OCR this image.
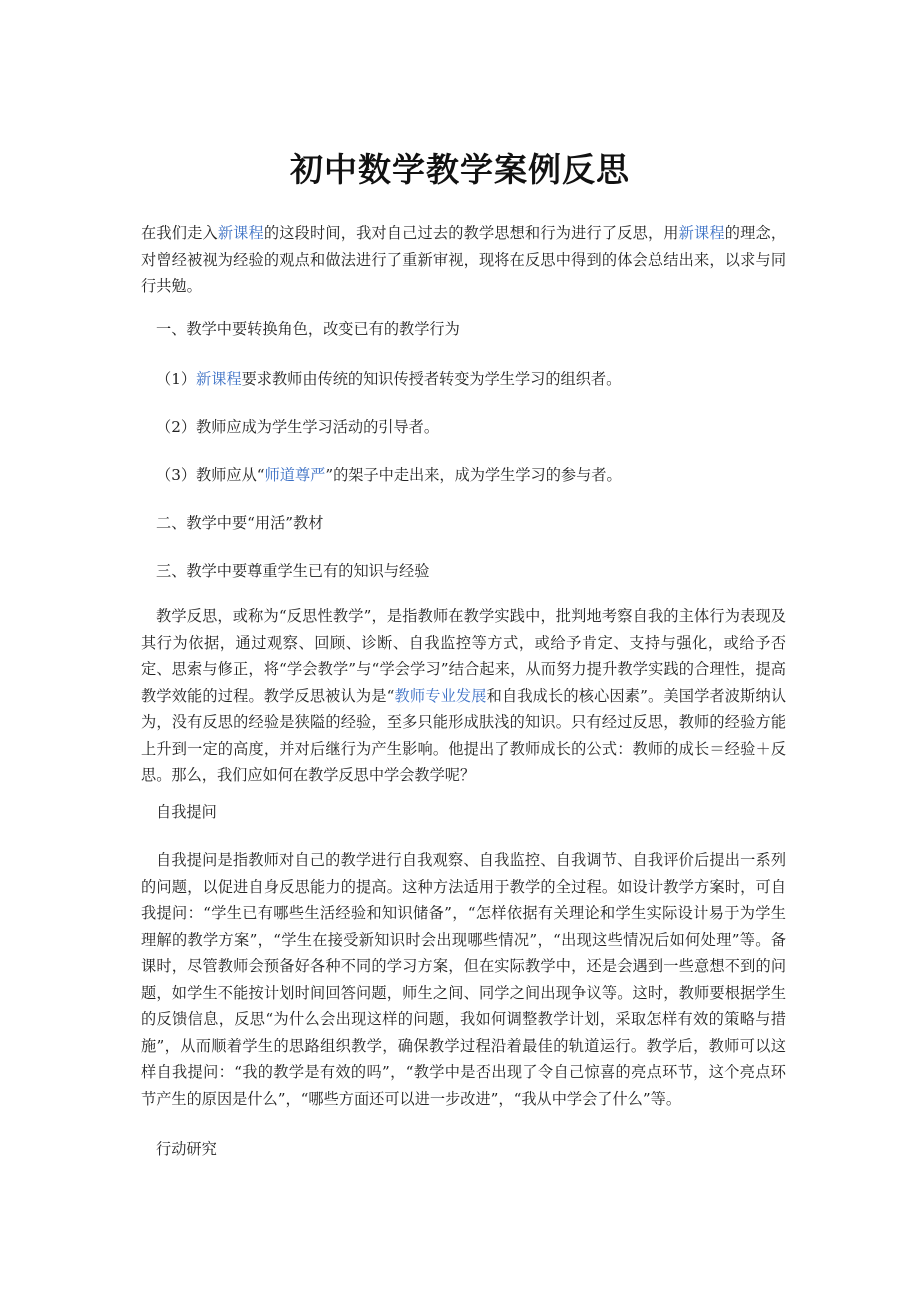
初中数学教学案例反思

在我们走入新课程的这段时间，我对自己过去的教学思想和行为进行了反思，用新课程的理念，对曾经被视为经验的观点和做法进行了重新审视，现将在反思中得到的体会总结出来，以求与同行共勉。

一、教学中要转换角色，改变已有的教学行为

（1）新课程要求教师由传统的知识传授者转变为学生学习的组织者。

（2）教师应成为学生学习活动的引导者。

（3）教师应从“师道尊严”的架子中走出来，成为学生学习的参与者。

二、教学中要“用活”教材

三、教学中要尊重学生已有的知识与经验

教学反思，或称为“反思性教学”，是指教师在教学实践中，批判地考察自我的主体行为表现及其行为依据，通过观察、回顾、诊断、自我监控等方式，或给予肯定、支持与强化，或给予否定、思索与修正，将“学会教学”与“学会学习”结合起来，从而努力提升教学实践的合理性，提高教学效能的过程。教学反思被认为是“教师专业发展和自我成长的核心因素”。美国学者波斯纳认为，没有反思的经验是狭隘的经验，至多只能形成肤浅的知识。只有经过反思，教师的经验方能上升到一定的高度，并对后继行为产生影响。他提出了教师成长的公式：教师的成长＝经验＋反思。那么，我们应如何在教学反思中学会教学呢？

自我提问

自我提问是指教师对自己的教学进行自我观察、自我监控、自我调节、自我评价后提出一系列的问题，以促进自身反思能力的提高。这种方法适用于教学的全过程。如设计教学方案时，可自我提问：“学生已有哪些生活经验和知识储备”，“怎样依据有关理论和学生实际设计易于为学生理解的教学方案”，“学生在接受新知识时会出现哪些情况”，“出现这些情况后如何处理”等。备课时，尽管教师会预备好各种不同的学习方案，但在实际教学中，还是会遇到一些意想不到的问题，如学生不能按计划时间回答问题，师生之间、同学之间出现争议等。这时，教师要根据学生的反馈信息，反思“为什么会出现这样的问题，我如何调整教学计划，采取怎样有效的策略与措施”，从而顺着学生的思路组织教学，确保教学过程沿着最佳的轨道运行。教学后，教师可以这样自我提问：“我的教学是有效的吗”，“教学中是否出现了令自己惊喜的亮点环节，这个亮点环节产生的原因是什么”，“哪些方面还可以进一步改进”，“我从中学会了什么”等。

行动研究
